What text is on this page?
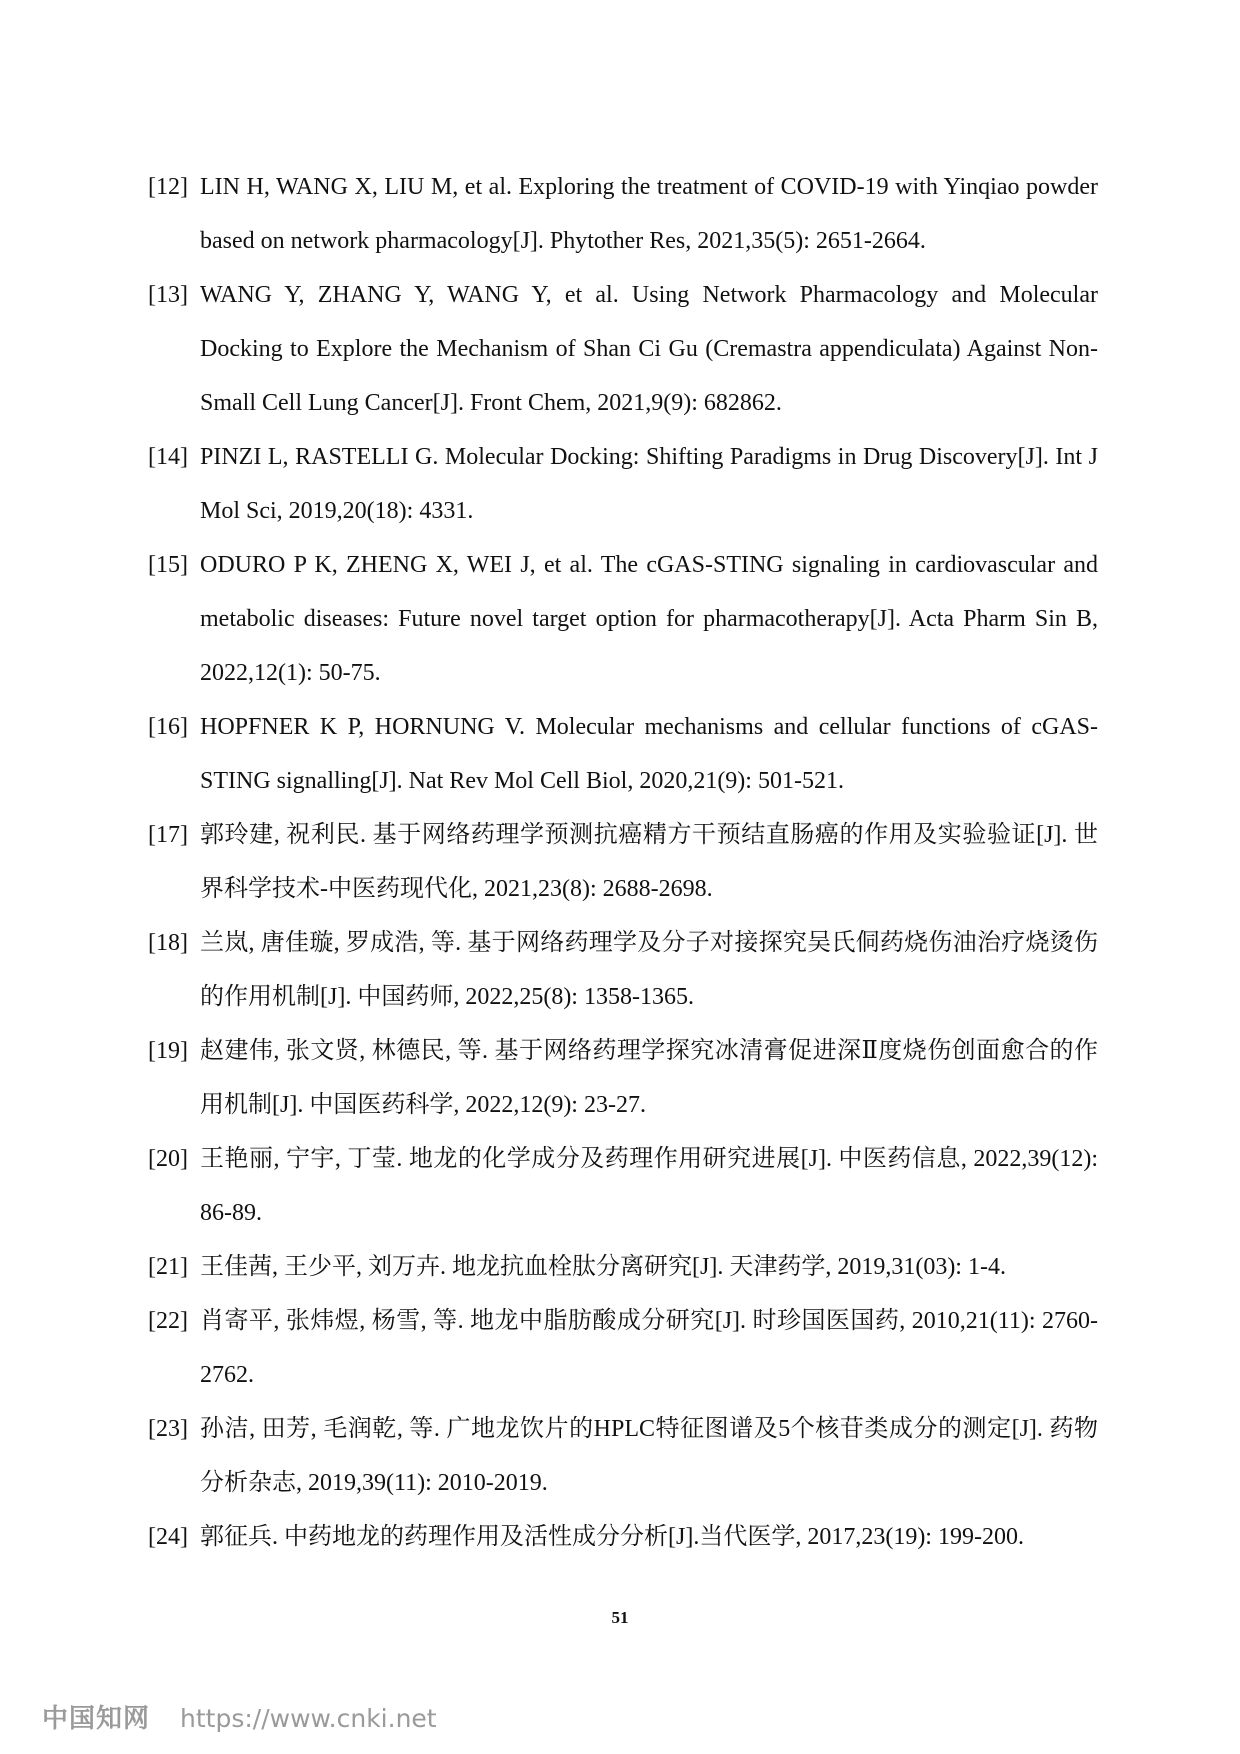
[12] LIN H, WANG X, LIU M, et al. Exploring the treatment of COVID-19 with Yinqiao powder based on network pharmacology[J]. Phytother Res, 2021,35(5): 2651-2664.
[13] WANG Y, ZHANG Y, WANG Y, et al. Using Network Pharmacology and Molecular Docking to Explore the Mechanism of Shan Ci Gu (Cremastra appendiculata) Against Non-Small Cell Lung Cancer[J]. Front Chem, 2021,9(9): 682862.
[14] PINZI L, RASTELLI G. Molecular Docking: Shifting Paradigms in Drug Discovery[J]. Int J Mol Sci, 2019,20(18): 4331.
[15] ODURO P K, ZHENG X, WEI J, et al. The cGAS-STING signaling in cardiovascular and metabolic diseases: Future novel target option for pharmacotherapy[J]. Acta Pharm Sin B, 2022,12(1): 50-75.
[16] HOPFNER K P, HORNUNG V. Molecular mechanisms and cellular functions of cGAS-STING signalling[J]. Nat Rev Mol Cell Biol, 2020,21(9): 501-521.
[17] 郭玲建, 祝利民. 基于网络药理学预测抗癌精方干预结直肠癌的作用及实验验证[J]. 世界科学技术-中医药现代化, 2021,23(8): 2688-2698.
[18] 兰岚, 唐佳璇, 罗成浩, 等. 基于网络药理学及分子对接探究吴氏侗药烧伤油治疗烧烫伤的作用机制[J]. 中国药师, 2022,25(8): 1358-1365.
[19] 赵建伟, 张文贤, 林德民, 等. 基于网络药理学探究冰清膏促进深Ⅱ度烧伤创面愈合的作用机制[J]. 中国医药科学, 2022,12(9): 23-27.
[20] 王艳丽, 宁宇, 丁莹. 地龙的化学成分及药理作用研究进展[J]. 中医药信息, 2022,39(12): 86-89.
[21] 王佳茜, 王少平, 刘万卉. 地龙抗血栓肽分离研究[J]. 天津药学, 2019,31(03): 1-4.
[22] 肖寄平, 张炜煜, 杨雪, 等. 地龙中脂肪酸成分研究[J]. 时珍国医国药, 2010,21(11): 2760-2762.
[23] 孙洁, 田芳, 毛润乾, 等. 广地龙饮片的HPLC特征图谱及5个核苷类成分的测定[J]. 药物分析杂志, 2019,39(11): 2010-2019.
[24] 郭征兵. 中药地龙的药理作用及活性成分分析[J].当代医学, 2017,23(19): 199-200.
51
中国知网 https://www.cnki.net
